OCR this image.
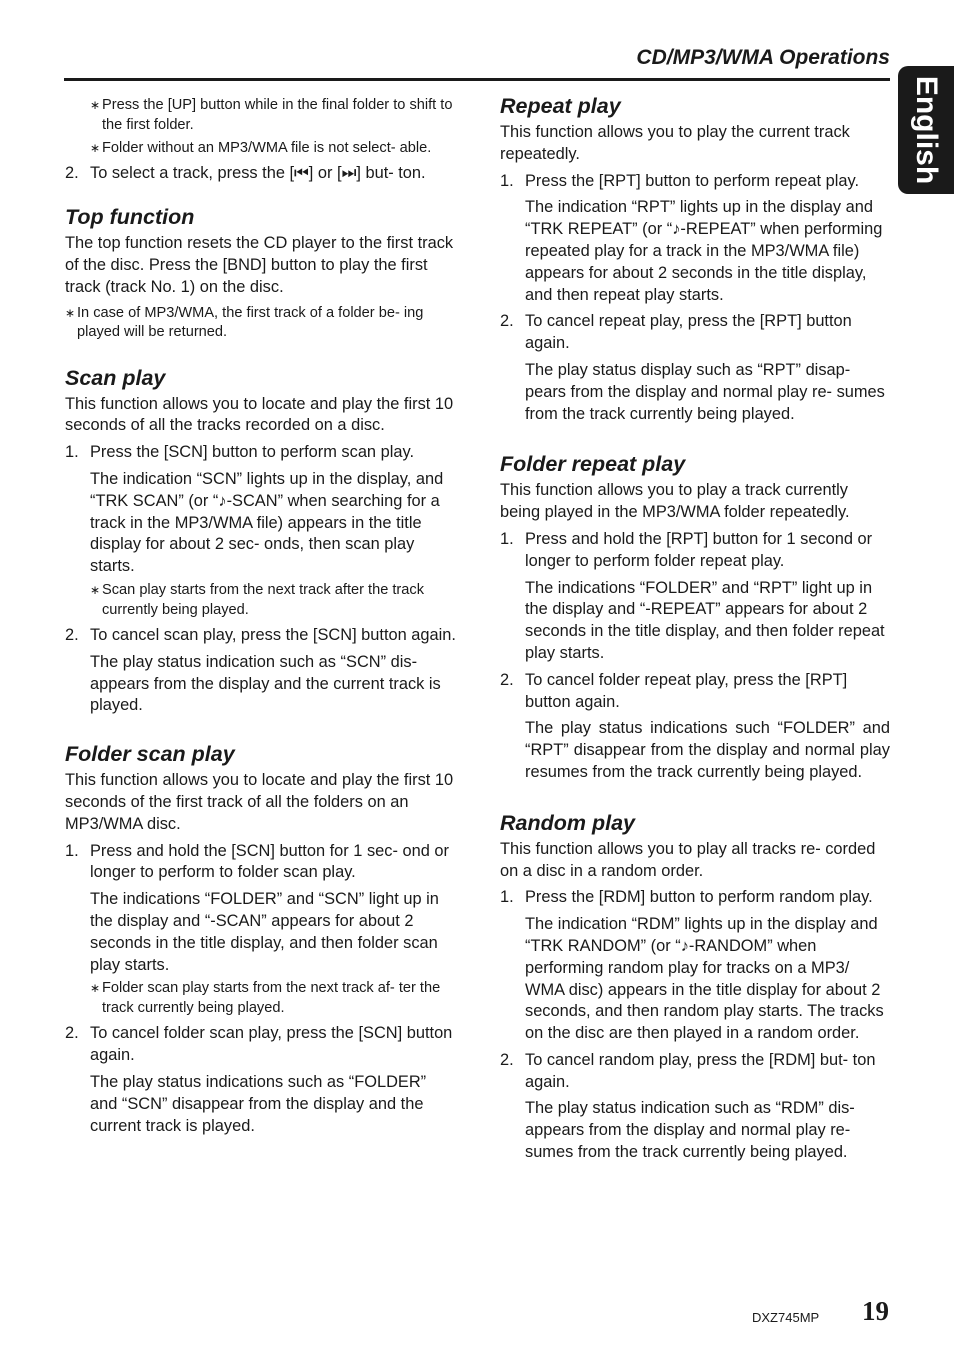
CD/MP3/WMA Operations
English
∗ Press the [UP] button while in the final folder to shift to the first folder.
∗ Folder without an MP3/WMA file is not select- able.
2. To select a track, press the [⏮] or [⏭] but- ton.
Top function

The top function resets the CD player to the first track of the disc. Press the [BND] button to play the first track (track No. 1) on the disc.

∗ In case of MP3/WMA, the first track of a folder be- ing played will be returned.
Scan play

This function allows you to locate and play the first 10 seconds of all the tracks recorded on a disc.

1. Press the [SCN] button to perform scan play.

The indication “SCN” lights up in the display, and “TRK SCAN” (or “♪-SCAN” when searching for a track in the MP3/WMA file) appears in the title display for about 2 sec- onds, then scan play starts.

∗ Scan play starts from the next track after the track currently being played.
2. To cancel scan play, press the [SCN] button again.

The play status indication such as “SCN” dis- appears from the display and the current track is played.

Folder scan play

This function allows you to locate and play the first 10 seconds of the first track of all the folders on an MP3/WMA disc.

1. Press and hold the [SCN] button for 1 sec- ond or longer to perform to folder scan play.

The indications “FOLDER” and “SCN” light up in the display and “-SCAN” appears for about 2 seconds in the title display, and then folder scan play starts.

∗ Folder scan play starts from the next track af- ter the track currently being played.
2. To cancel folder scan play, press the [SCN] button again.

The play status indications such as “FOLDER” and “SCN” disappear from the display and the current track is played.

Repeat play

This function allows you to play the current track repeatedly.

1. Press the [RPT] button to perform repeat play.

The indication “RPT” lights up in the display and “TRK REPEAT” (or “♪-REPEAT” when performing repeated play for a track in the MP3/WMA file) appears for about 2 seconds in the title display, and then repeat play starts.

2. To cancel repeat play, press the [RPT] button again.

The play status display such as “RPT” disap- pears from the display and normal play re- sumes from the track currently being played.

Folder repeat play

This function allows you to play a track currently being played in the MP3/WMA folder repeatedly.

1. Press and hold the [RPT] button for 1 second or longer to perform folder repeat play.

The indications “FOLDER” and “RPT” light up in the display and “-REPEAT” appears for about 2 seconds in the title display, and then folder repeat play starts.

2. To cancel folder repeat play, press the [RPT] button again.

The play status indications such “FOLDER” and “RPT” disappear from the display and normal play resumes from the track currently being played.

Random play

This function allows you to play all tracks re- corded on a disc in a random order.

1. Press the [RDM] button to perform random play.

The indication “RDM” lights up in the display and “TRK RANDOM” (or “♪-RANDOM” when performing random play for tracks on a MP3/ WMA disc) appears in the title display for about 2 seconds, and then random play starts. The tracks on the disc are then played in a random order.

2. To cancel random play, press the [RDM] but- ton again.

The play status indication such as “RDM” dis- appears from the display and normal play re- sumes from the track currently being played.

DXZ745MP 19
